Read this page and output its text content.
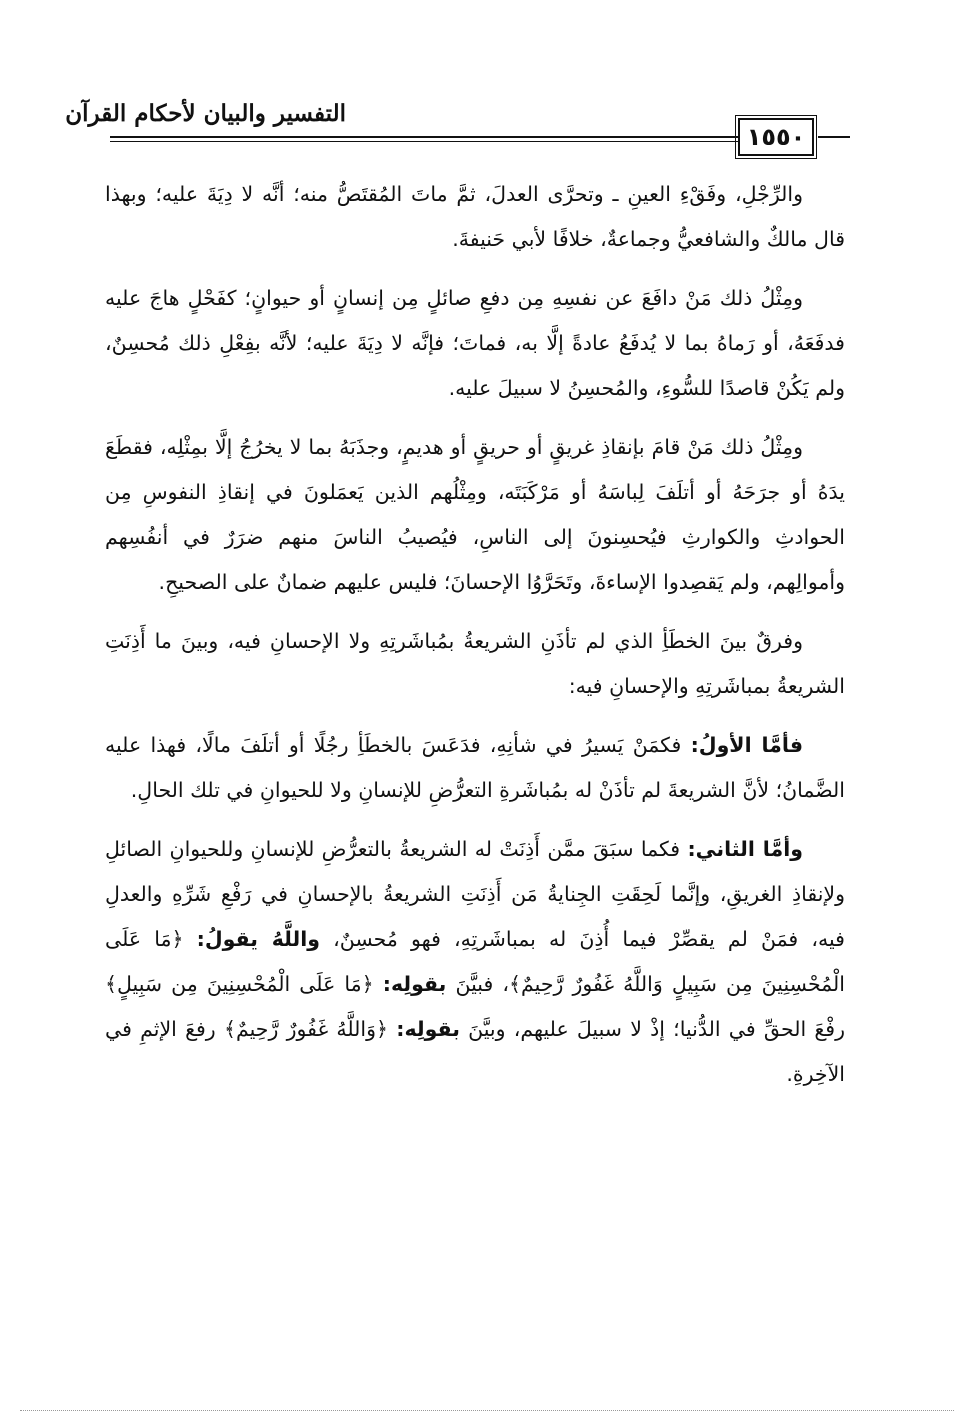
التفسير والبيان لأحكام القرآن
١٥٥٠

والرِّجْلِ، وفَقْءِ العينِ ـ وتحرَّى العدلَ، ثمَّ ماتَ المُقتَصُّ منه؛ أنَّه لا دِيَةَ عليه؛ وبهذا قال مالكٌ والشافعيُّ وجماعةٌ، خلافًا لأبي حَنيفةَ.

ومِثْلُ ذلك مَنْ دافَعَ عن نفسِهِ مِن دفعِ صائلٍ مِن إنسانٍ أو حيوانٍ؛ كفَحْلٍ هاجَ عليه فدفَعَهُ، أو رَماهُ بما لا يُدفَعُ عادةً إلَّا به، فماتَ؛ فإنَّه لا دِيَةَ عليه؛ لأنَّه بفِعْلِ ذلك مُحسِنٌ، ولم يَكُنْ قاصدًا للسُّوءِ، والمُحسِنُ لا سبيلَ عليه.

ومِثْلُ ذلك مَنْ قامَ بإنقاذِ غريقٍ أو حريقٍ أو هديمٍ، وجذَبَهُ بما لا يخرُجُ إلَّا بمِثْلِه، فقطَعَ يدَهُ أو جرَحَهُ أو أتلَفَ لِباسَهُ أو مَرْكَبَتَه، ومِثْلُهم الذين يَعمَلونَ في إنقاذِ النفوسِ مِن الحوادثِ والكوارثِ فيُحسِنونَ إلى الناسِ، فيُصيبُ الناسَ منهم ضرَرٌ في أنفُسِهم وأموالِهم، ولم يَقصِدوا الإساءةَ، وتَحَرَّوُا الإحسانَ؛ فليس عليهم ضمانٌ على الصحيحِ.

وفرقٌ بينَ الخطَأِ الذي لم تأذَنِ الشريعةُ بمُباشَرتِهِ ولا الإحسانِ فيه، وبينَ ما أَذِنَتِ الشريعةُ بمباشَرتِهِ والإحسانِ فيه:

فأمَّا الأولُ: فكمَنْ يَسيرُ في شأنِهِ، فدَعَسَ بالخطَأِ رجُلًا أو أتلَفَ مالًا، فهذا عليه الضَّمانُ؛ لأنَّ الشريعةَ لم تأذَنْ له بمُباشَرةِ التعرُّضِ للإنسانِ ولا للحيوانِ في تلك الحالِ.

وأمَّا الثاني: فكما سبَقَ ممَّن أَذِنَتْ له الشريعةُ بالتعرُّضِ للإنسانِ وللحيوانِ الصائلِ ولإنقاذِ الغريقِ، وإنَّما لَحِقَتِ الجِنايةُ مَن أَذِنَتِ الشريعةُ بالإحسانِ في رَفْعِ شَرِّهِ والعدلِ فيه، فمَنْ لم يقصِّرْ فيما أُذِنَ له بمباشَرتِهِ، فهو مُحسِنٌ، واللَّهُ يقولُ: ﴿مَا عَلَى الْمُحْسِنِينَ مِن سَبِيلٍ وَاللَّهُ غَفُورٌ رَّحِيمٌ﴾، فبيَّنَ بقولِه: ﴿مَا عَلَى الْمُحْسِنِينَ مِن سَبِيلٍ﴾ رفْعَ الحقِّ في الدُّنيا؛ إذْ لا سبيلَ عليهم، وبيَّنَ بقولِه: ﴿وَاللَّهُ غَفُورٌ رَّحِيمٌ﴾ رفعَ الإثمِ في الآخِرةِ.
